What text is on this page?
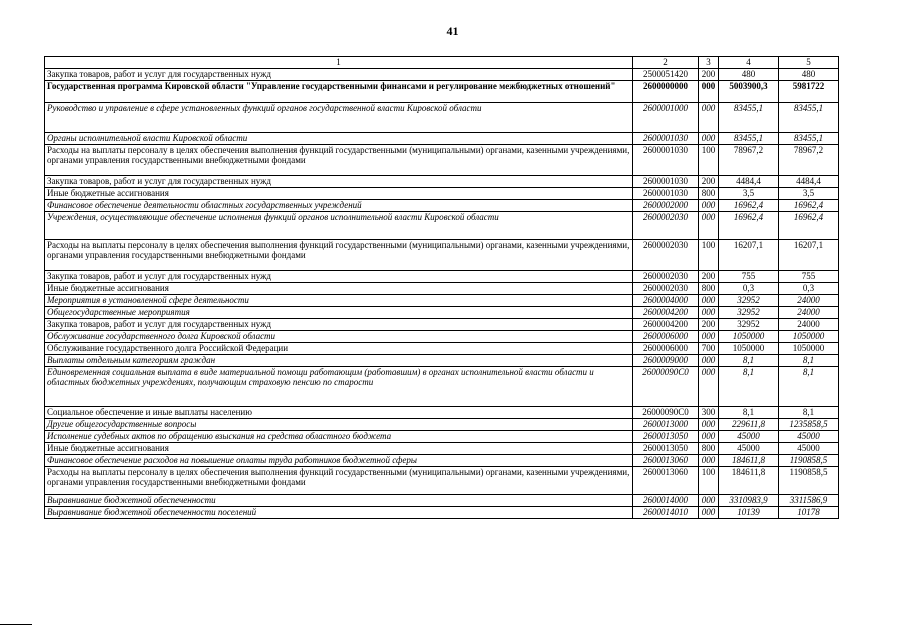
41
1	2	3	4	5
Закупка товаров, работ и услуг для государственных нужд	2500051420	200	480	480
Государственная программа Кировской области "Управление государственными финансами и регулирование межбюджетных отношений"	2600000000	000	5003900,3	5981722
Руководство и управление в сфере установленных функций органов государственной власти Кировской области	2600001000	000	83455,1	83455,1
Органы исполнительной власти Кировской области	2600001030	000	83455,1	83455,1
Расходы на выплаты персоналу в целях обеспечения выполнения функций государственными (муниципальными) органами, казенными учреждениями, органами управления государственными внебюджетными фондами	2600001030	100	78967,2	78967,2
Закупка товаров, работ и услуг для государственных нужд	2600001030	200	4484,4	4484,4
Иные бюджетные ассигнования	2600001030	800	3,5	3,5
Финансовое обеспечение деятельности областных государственных учреждений	2600002000	000	16962,4	16962,4
Учреждения, осуществляющие обеспечение исполнения функций органов исполнительной власти Кировской области	2600002030	000	16962,4	16962,4
Расходы на выплаты персоналу в целях обеспечения выполнения функций государственными (муниципальными) органами, казенными учреждениями, органами управления государственными внебюджетными фондами	2600002030	100	16207,1	16207,1
Закупка товаров, работ и услуг для государственных нужд	2600002030	200	755	755
Иные бюджетные ассигнования	2600002030	800	0,3	0,3
Мероприятия в установленной сфере деятельности	2600004000	000	32952	24000
Общегосударственные мероприятия	2600004200	000	32952	24000
Закупка товаров, работ и услуг для государственных нужд	2600004200	200	32952	24000
Обслуживание государственного долга Кировской области	2600006000	000	1050000	1050000
Обслуживание государственного долга Российской Федерации	2600006000	700	1050000	1050000
Выплаты отдельным категориям граждан	2600009000	000	8,1	8,1
Единовременная социальная выплата в виде материальной помощи работающим (работавшим) в органах исполнительной власти области и областных бюджетных учреждениях, получающим страховую пенсию по старости	26000090С0	000	8,1	8,1
Социальное обеспечение и иные выплаты населению	26000090С0	300	8,1	8,1
Другие общегосударственные вопросы	2600013000	000	229611,8	1235858,5
Исполнение судебных актов по обращению взыскания на средства областного бюджета	2600013050	000	45000	45000
Иные бюджетные ассигнования	2600013050	800	45000	45000
Финансовое обеспечение расходов на повышение оплаты труда работников бюджетной сферы	2600013060	000	184611,8	1190858,5
Расходы на выплаты персоналу в целях обеспечения выполнения функций государственными (муниципальными) органами, казенными учреждениями, органами управления государственными внебюджетными фондами	2600013060	100	184611,8	1190858,5
Выравнивание бюджетной обеспеченности	2600014000	000	3310983,9	3311586,9
Выравнивание бюджетной обеспеченности поселений	2600014010	000	10139	10178
